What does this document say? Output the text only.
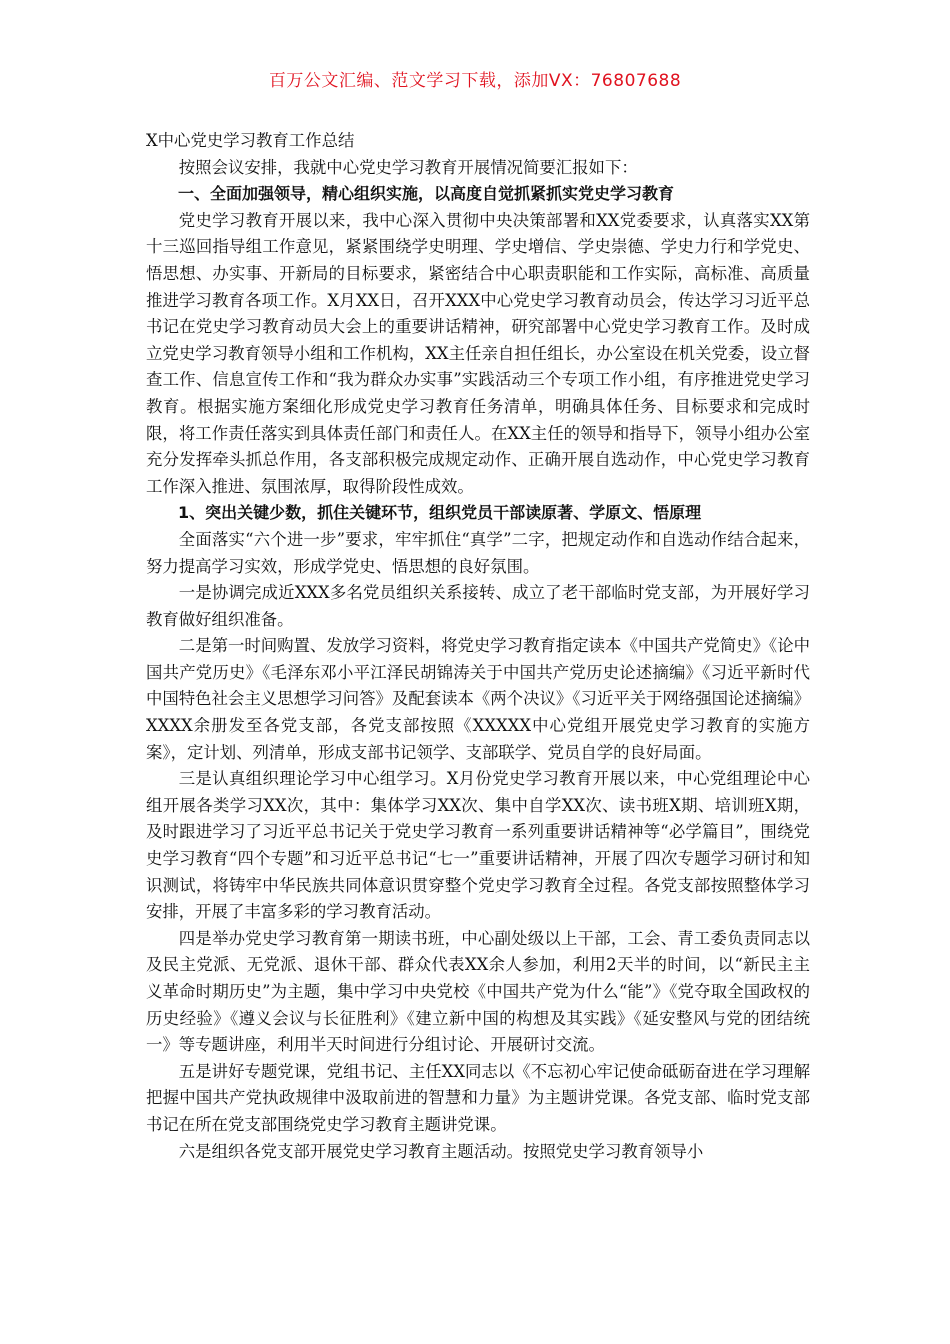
百万公文汇编、范文学习下载，添加VX：76807688

X中心党史学习教育工作总结

按照会议安排，我就中心党史学习教育开展情况简要汇报如下：

一、全面加强领导，精心组织实施，以高度自觉抓紧抓实党史学习教育

党史学习教育开展以来，我中心深入贯彻中央决策部署和XX党委要求，认真落实XX第十三巡回指导组工作意见，紧紧围绕学史明理、学史增信、学史崇德、学史力行和学党史、悟思想、办实事、开新局的目标要求，紧密结合中心职责职能和工作实际，高标准、高质量推进学习教育各项工作。X月XX日，召开XXX中心党史学习教育动员会，传达学习习近平总书记在党史学习教育动员大会上的重要讲话精神，研究部署中心党史学习教育工作。及时成立党史学习教育领导小组和工作机构，XX主任亲自担任组长，办公室设在机关党委，设立督查工作、信息宣传工作和“我为群众办实事”实践活动三个专项工作小组，有序推进党史学习教育。根据实施方案细化形成党史学习教育任务清单，明确具体任务、目标要求和完成时限，将工作责任落实到具体责任部门和责任人。在XX主任的领导和指导下，领导小组办公室充分发挥牵头抓总作用，各支部积极完成规定动作、正确开展自选动作，中心党史学习教育工作深入推进、氛围浓厚，取得阶段性成效。

1、突出关键少数，抓住关键环节，组织党员干部读原著、学原文、悟原理

全面落实“六个进一步”要求，牢牢抓住“真学”二字，把规定动作和自选动作结合起来，努力提高学习实效，形成学党史、悟思想的良好氛围。

一是协调完成近XXX多名党员组织关系接转、成立了老干部临时党支部，为开展好学习教育做好组织准备。

二是第一时间购置、发放学习资料，将党史学习教育指定读本《中国共产党简史》《论中国共产党历史》《毛泽东邓小平江泽民胡锦涛关于中国共产党历史论述摘编》《习近平新时代中国特色社会主义思想学习问答》及配套读本《两个决议》《习近平关于网络强国论述摘编》XXXX余册发至各党支部，各党支部按照《XXXXX中心党组开展党史学习教育的实施方案》，定计划、列清单，形成支部书记领学、支部联学、党员自学的良好局面。

三是认真组织理论学习中心组学习。X月份党史学习教育开展以来，中心党组理论中心组开展各类学习XX次，其中：集体学习XX次、集中自学XX次、读书班X期、培训班X期，及时跟进学习了习近平总书记关于党史学习教育一系列重要讲话精神等“必学篇目”，围绕党史学习教育“四个专题”和习近平总书记“七一”重要讲话精神，开展了四次专题学习研讨和知识测试，将铸牢中华民族共同体意识贯穿整个党史学习教育全过程。各党支部按照整体学习安排，开展了丰富多彩的学习教育活动。

四是举办党史学习教育第一期读书班，中心副处级以上干部，工会、青工委负责同志以及民主党派、无党派、退休干部、群众代表XX余人参加，利用2天半的时间，以“新民主主义革命时期历史”为主题，集中学习中央党校《中国共产党为什么“能”》《党夺取全国政权的历史经验》《遵义会议与长征胜利》《建立新中国的构想及其实践》《延安整风与党的团结统一》等专题讲座，利用半天时间进行分组讨论、开展研讨交流。

五是讲好专题党课，党组书记、主任XX同志以《不忘初心牢记使命砥砺奋进在学习理解把握中国共产党执政规律中汲取前进的智慧和力量》为主题讲党课。各党支部、临时党支部书记在所在党支部围绕党史学习教育主题讲党课。

六是组织各党支部开展党史学习教育主题活动。按照党史学习教育领导小
